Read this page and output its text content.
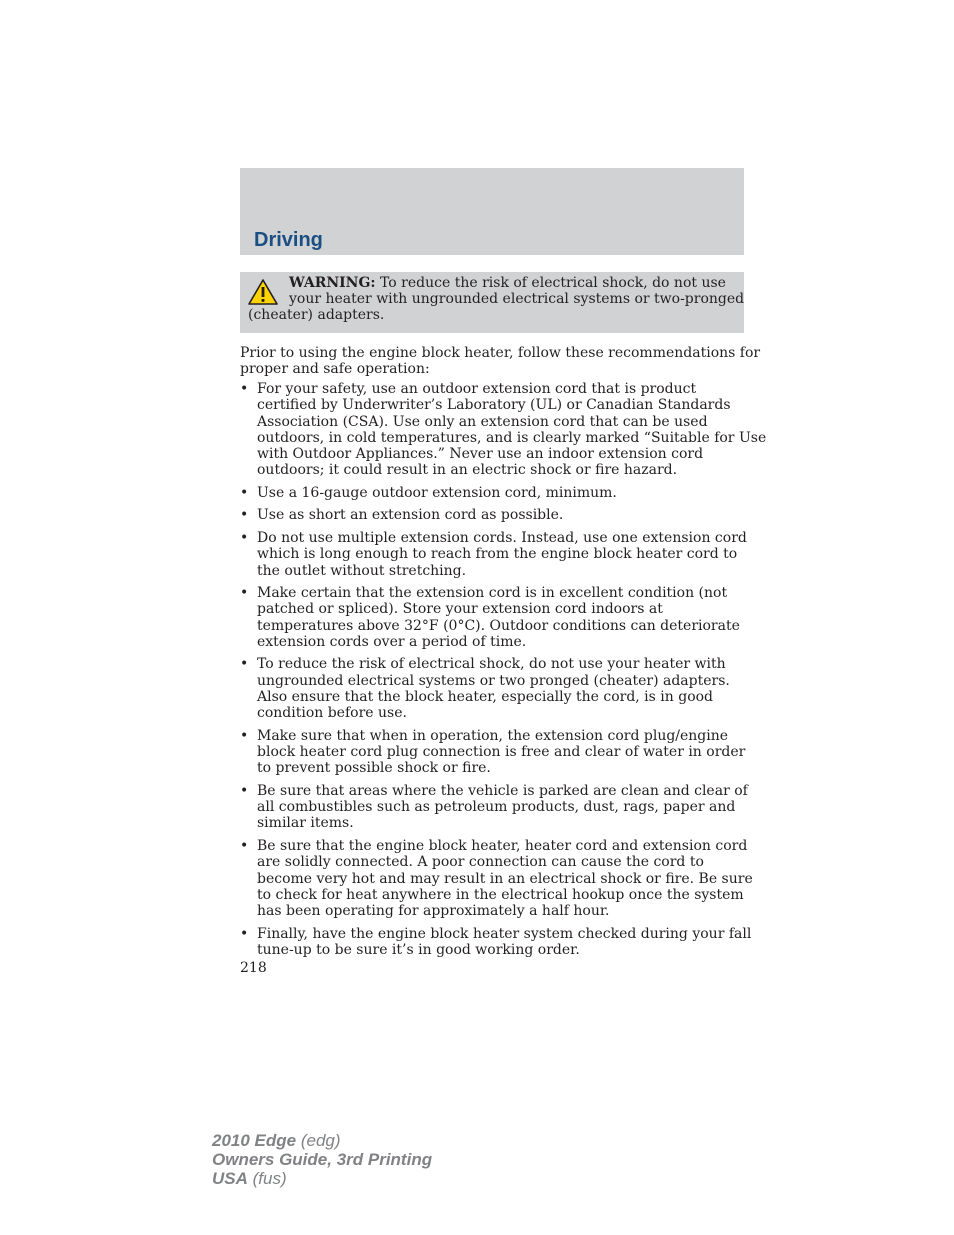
Driving
WARNING: To reduce the risk of electrical shock, do not use
your heater with ungrounded electrical systems or two-pronged
(cheater) adapters.
Prior to using the engine block heater, follow these recommendations for
proper and safe operation:
• For your safety, use an outdoor extension cord that is product
certified by Underwriter’s Laboratory (UL) or Canadian Standards
Association (CSA). Use only an extension cord that can be used
outdoors, in cold temperatures, and is clearly marked “Suitable for Use
with Outdoor Appliances.” Never use an indoor extension cord
outdoors; it could result in an electric shock or fire hazard.
• Use a 16-gauge outdoor extension cord, minimum.
• Use as short an extension cord as possible.
• Do not use multiple extension cords. Instead, use one extension cord
which is long enough to reach from the engine block heater cord to
the outlet without stretching.
• Make certain that the extension cord is in excellent condition (not
patched or spliced). Store your extension cord indoors at
temperatures above 32°F (0°C). Outdoor conditions can deteriorate
extension cords over a period of time.
• To reduce the risk of electrical shock, do not use your heater with
ungrounded electrical systems or two pronged (cheater) adapters.
Also ensure that the block heater, especially the cord, is in good
condition before use.
• Make sure that when in operation, the extension cord plug/engine
block heater cord plug connection is free and clear of water in order
to prevent possible shock or fire.
• Be sure that areas where the vehicle is parked are clean and clear of
all combustibles such as petroleum products, dust, rags, paper and
similar items.
• Be sure that the engine block heater, heater cord and extension cord
are solidly connected. A poor connection can cause the cord to
become very hot and may result in an electrical shock or fire. Be sure
to check for heat anywhere in the electrical hookup once the system
has been operating for approximately a half hour.
• Finally, have the engine block heater system checked during your fall
tune-up to be sure it’s in good working order.
218
2010 Edge (edg)
Owners Guide, 3rd Printing
USA (fus)
